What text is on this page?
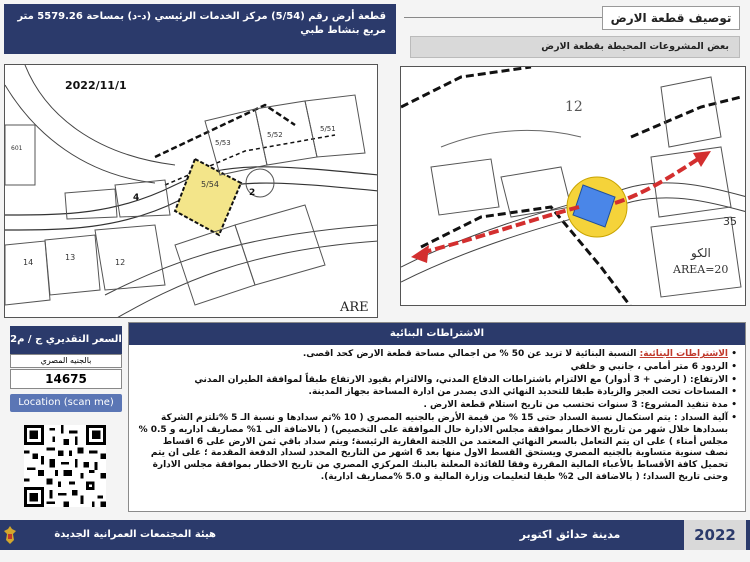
قطعة أرض رقم (5/54) مركز الخدمات الرئيسي (د-د) بمساحة 5579.26 متر مربع بنشاط طبي
توصيف قطعة الارض
بعض المشروعات المحيطة بقطعة الارض
5/54
5/53
5/52
5/51
ARE
2
4
14
13
601
12
2022/11/1
12
35
AREA=20
الكو
السعر التقديري ج / م2
بالجنيه المصري
14675
Location (scan me)
الاشتراطات البنائية
• الاشتراطات البنائية: النسبة البنائية لا تزيد عن 50 % من اجمالي مساحة قطعة الارض كحد اقصى.
• الردود 6 متر أمامي ، جانبي و خلفي
• الارتفاع: ( ارضي + 3 أدوار) مع الالتزام باشتراطات الدفاع المدني، والالتزام بقيود الارتفاع طبقاً لموافقة الطيران المدني
• المساحات تحت العجز والزيادة طبقا للتحديد النهائي الذى يصدر من ادارة المساحة بجهاز المدينة.
• مدة تنفيذ المشروع: 3 سنوات تحتسب من تاريخ استلام قطعة الارض .
• آلية السداد : يتم استكمال نسبة السداد حتى 15 % من قيمة الأرض بالجنيه المصري ( 10 %تم سدادها و نسبة الـ 5 %تلتزم الشركة بسدادها خلال شهر من تاريخ الاخطار بموافقة مجلس الادارة حال الموافقة على التخصيص) ( بالاضافة الى 1% مصاريف اداريه و 0.5 % مجلس أمناء ) على ان يتم التعامل بالسعر النهائي المعتمد من اللجنة العقارية الرئيسة؛ ويتم سداد باقي ثمن الارض على 6 اقساط نصف سنوية متساوية بالجنيه المصري ويستحق القسط الاول منها بعد 6 اشهر من التاريخ المحدد لسداد الدفعة المقدمة ؛ على ان يتم تحميل كافة الأقساط بالأعباء المالية المقررة وفقا للفائدة المعلنة بالبنك المركزي المصري من تاريخ الاخطار بموافقة مجلس الادارة وحتى تاريخ السداد؛ ( بالاضافة الى 2% طبقا لتعليمات وزارة المالية و 5.0 %مصاريف ادارية).
هيئة المجتمعات العمرانية الجديدة	مدينة حدائق اكتوبر	2022
